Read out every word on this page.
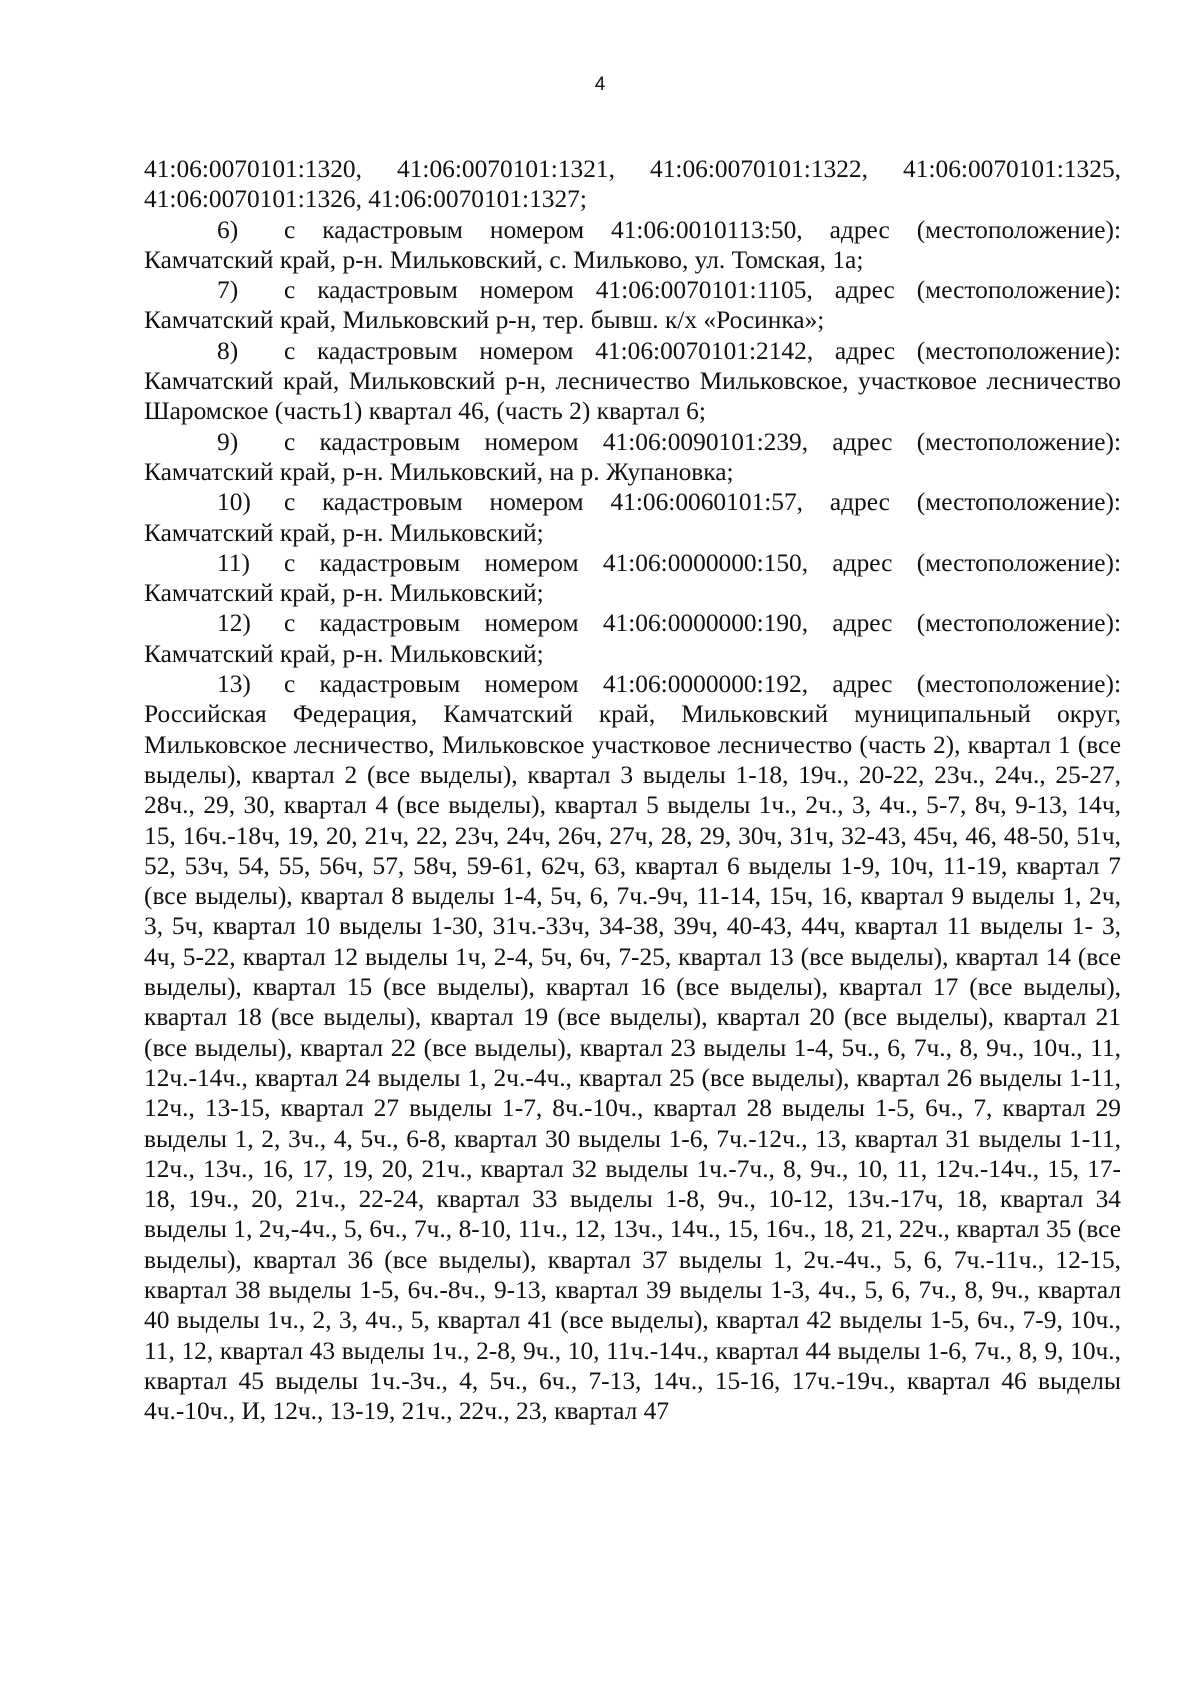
4

41:06:0070101:1320, 41:06:0070101:1321, 41:06:0070101:1322, 41:06:0070101:1325, 41:06:0070101:1326, 41:06:0070101:1327;

6) с кадастровым номером 41:06:0010113:50, адрес (местоположение): Камчатский край, р-н. Мильковский, с. Мильково, ул. Томская, 1а;

7) с кадастровым номером 41:06:0070101:1105, адрес (местоположение): Камчатский край, Мильковский р-н, тер. бывш. к/х «Росинка»;

8) с кадастровым номером 41:06:0070101:2142, адрес (местоположение): Камчатский край, Мильковский р-н, лесничество Мильковское, участковое лесничество Шаромское (часть1) квартал 46, (часть 2) квартал 6;

9) с кадастровым номером 41:06:0090101:239, адрес (местоположение): Камчатский край, р-н. Мильковский, на р. Жупановка;

10) с кадастровым номером 41:06:0060101:57, адрес (местоположение): Камчатский край, р-н. Мильковский;

11) с кадастровым номером 41:06:0000000:150, адрес (местоположение): Камчатский край, р-н. Мильковский;

12) с кадастровым номером 41:06:0000000:190, адрес (местоположение): Камчатский край, р-н. Мильковский;

13) с кадастровым номером 41:06:0000000:192, адрес (местоположение): Российская Федерация, Камчатский край, Мильковский муниципальный округ, Мильковское лесничество, Мильковское участковое лесничество (часть 2), квартал 1 (все выделы), квартал 2 (все выделы), квартал 3 выделы 1-18, 19ч., 20-22, 23ч., 24ч., 25-27, 28ч., 29, 30, квартал 4 (все выделы), квартал 5 выделы 1ч., 2ч., 3, 4ч., 5-7, 8ч, 9-13, 14ч, 15, 16ч.-18ч, 19, 20, 21ч, 22, 23ч, 24ч, 26ч, 27ч, 28, 29, 30ч, 31ч, 32-43, 45ч, 46, 48-50, 51ч, 52, 53ч, 54, 55, 56ч, 57, 58ч, 59-61, 62ч, 63, квартал 6 выделы 1-9, 10ч, 11-19, квартал 7 (все выделы), квартал 8 выделы 1-4, 5ч, 6, 7ч.-9ч, 11-14, 15ч, 16, квартал 9 выделы 1, 2ч, 3, 5ч, квартал 10 выделы 1-30, 31ч.-33ч, 34-38, 39ч, 40-43, 44ч, квартал 11 выделы 1- 3, 4ч, 5-22, квартал 12 выделы 1ч, 2-4, 5ч, 6ч, 7-25, квартал 13 (все выделы), квартал 14 (все выделы), квартал 15 (все выделы), квартал 16 (все выделы), квартал 17 (все выделы), квартал 18 (все выделы), квартал 19 (все выделы), квартал 20 (все выделы), квартал 21 (все выделы), квартал 22 (все выделы), квартал 23 выделы 1-4, 5ч., 6, 7ч., 8, 9ч., 10ч., 11, 12ч.-14ч., квартал 24 выделы 1, 2ч.-4ч., квартал 25 (все выделы), квартал 26 выделы 1-11, 12ч., 13-15, квартал 27 выделы 1-7, 8ч.-10ч., квартал 28 выделы 1-5, 6ч., 7, квартал 29 выделы 1, 2, 3ч., 4, 5ч., 6-8, квартал 30 выделы 1-6, 7ч.-12ч., 13, квартал 31 выделы 1-11, 12ч., 13ч., 16, 17, 19, 20, 21ч., квартал 32 выделы 1ч.-7ч., 8, 9ч., 10, 11, 12ч.-14ч., 15, 17-18, 19ч., 20, 21ч., 22-24, квартал 33 выделы 1-8, 9ч., 10-12, 13ч.-17ч, 18, квартал 34 выделы 1, 2ч,-4ч., 5, 6ч., 7ч., 8-10, 11ч., 12, 13ч., 14ч., 15, 16ч., 18, 21, 22ч., квартал 35 (все выделы), квартал 36 (все выделы), квартал 37 выделы 1, 2ч.-4ч., 5, 6, 7ч.-11ч., 12-15, квартал 38 выделы 1-5, 6ч.-8ч., 9-13, квартал 39 выделы 1-3, 4ч., 5, 6, 7ч., 8, 9ч., квартал 40 выделы 1ч., 2, 3, 4ч., 5, квартал 41 (все выделы), квартал 42 выделы 1-5, 6ч., 7-9, 10ч., 11, 12, квартал 43 выделы 1ч., 2-8, 9ч., 10, 11ч.-14ч., квартал 44 выделы 1-6, 7ч., 8, 9, 10ч., квартал 45 выделы 1ч.-3ч., 4, 5ч., 6ч., 7-13, 14ч., 15-16, 17ч.-19ч., квартал 46 выделы 4ч.-10ч., И, 12ч., 13-19, 21ч., 22ч., 23, квартал 47
